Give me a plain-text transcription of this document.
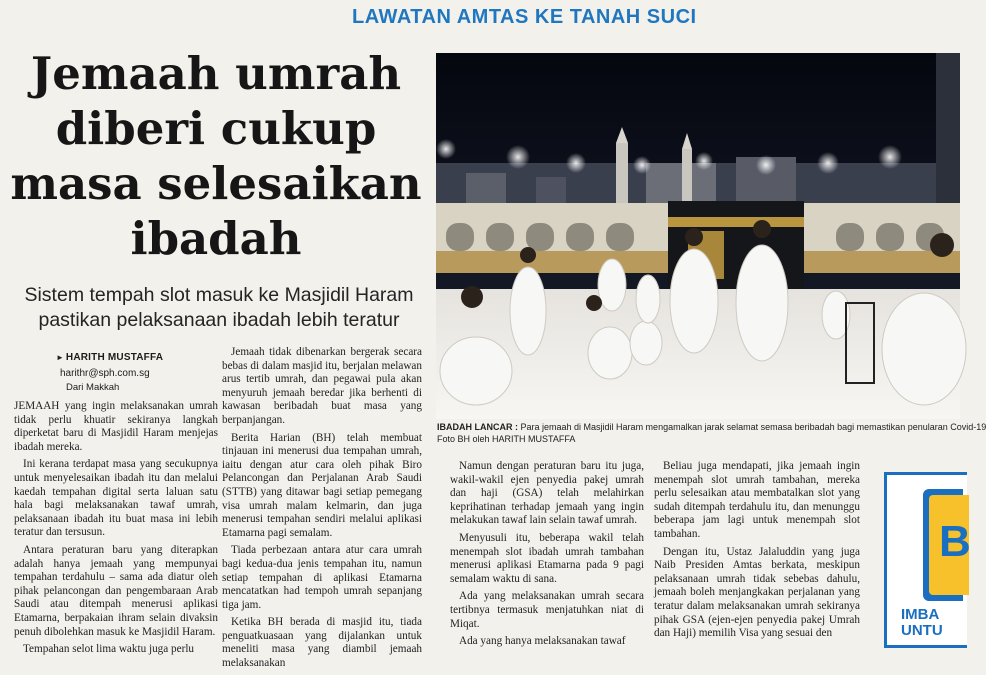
LAWATAN AMTAS KE TANAH SUCI
Jemaah umrah
diberi cukup
masa selesaikan
ibadah
Sistem tempah slot masuk ke Masjidil Haram pastikan pelaksanaan ibadah lebih teratur
► HARITH MUSTAFFA
harithr@sph.com.sg
Dari Makkah

JEMAAH yang ingin melaksanakan umrah tidak perlu khuatir sekiranya langkah diperketat baru di Masjidil Haram menjejas ibadah mereka.

Ini kerana terdapat masa yang secukupnya untuk menyelesaikan ibadah itu dan melalui kaedah tempahan digital serta laluan satu hala bagi melaksanakan tawaf umrah, pelaksanaan ibadah itu buat masa ini lebih teratur dan tersusun.

Antara peraturan baru yang diterapkan adalah hanya jemaah yang mempunyai tempahan terdahulu – sama ada diatur oleh pihak pelancongan dan pengembaraan Arab Saudi atau ditempah menerusi aplikasi Etamarna, berpakaian ihram selain divaksin penuh dibolehkan masuk ke Masjidil Haram.

Tempahan selot lima waktu juga perlu

Jemaah tidak dibenarkan bergerak secara bebas di dalam masjid itu, berjalan melawan arus tertib umrah, dan pegawai pula akan menyuruh jemaah beredar jika berhenti di kawasan beribadah buat masa yang berpanjangan.

Berita Harian (BH) telah membuat tinjauan ini menerusi dua tempahan umrah, iaitu dengan atur cara oleh pihak Biro Pelancongan dan Perjalanan Arab Saudi (STTB) yang ditawar bagi setiap pemegang visa umrah malam kelmarin, dan juga menerusi tempahan sendiri melalui aplikasi Etamarna pagi semalam.

Tiada perbezaan antara atur cara umrah bagi kedua-dua jenis tempahan itu, namun setiap tempahan di aplikasi Etamarna mencatatkan had tempoh umrah sepanjang tiga jam.

Ketika BH berada di masjid itu, tiada penguatkuasaan yang dijalankan untuk meneliti masa yang diambil jemaah melaksanakan

IBADAH LANCAR : Para jemaah di Masjidil Haram mengamalkan jarak selamat semasa beribadah bagi memastikan penularan Covid-19
Foto BH oleh HARITH MUSTAFFA

Namun dengan peraturan baru itu juga, wakil-wakil ejen penyedia pakej umrah dan haji (GSA) telah melahirkan keprihatinan terhadap jemaah yang ingin melakukan tawaf lain selain tawaf umrah.

Menyusuli itu, beberapa wakil telah menempah slot ibadah umrah tambahan menerusi aplikasi Etamarna pada 9 pagi semalam waktu di sana.

Ada yang melaksanakan umrah secara tertibnya termasuk menjatuhkan niat di Miqat.

Ada yang hanya melaksanakan tawaf

Beliau juga mendapati, jika jemaah ingin menempah slot umrah tambahan, mereka perlu selesaikan atau membatalkan slot yang sudah ditempah terdahulu itu, dan menunggu beberapa jam lagi untuk menempah slot tambahan.

Dengan itu, Ustaz Jalaluddin yang juga Naib Presiden Amtas berkata, meskipun pelaksanaan umrah tidak sebebas dahulu, jemaah boleh menjangkakan perjalanan yang teratur dalam melaksanakan umrah sekiranya pihak GSA (ejen-ejen penyedia pakej Umrah dan Haji) memilih Visa yang sesuai den

B
IMBA
UNTU
